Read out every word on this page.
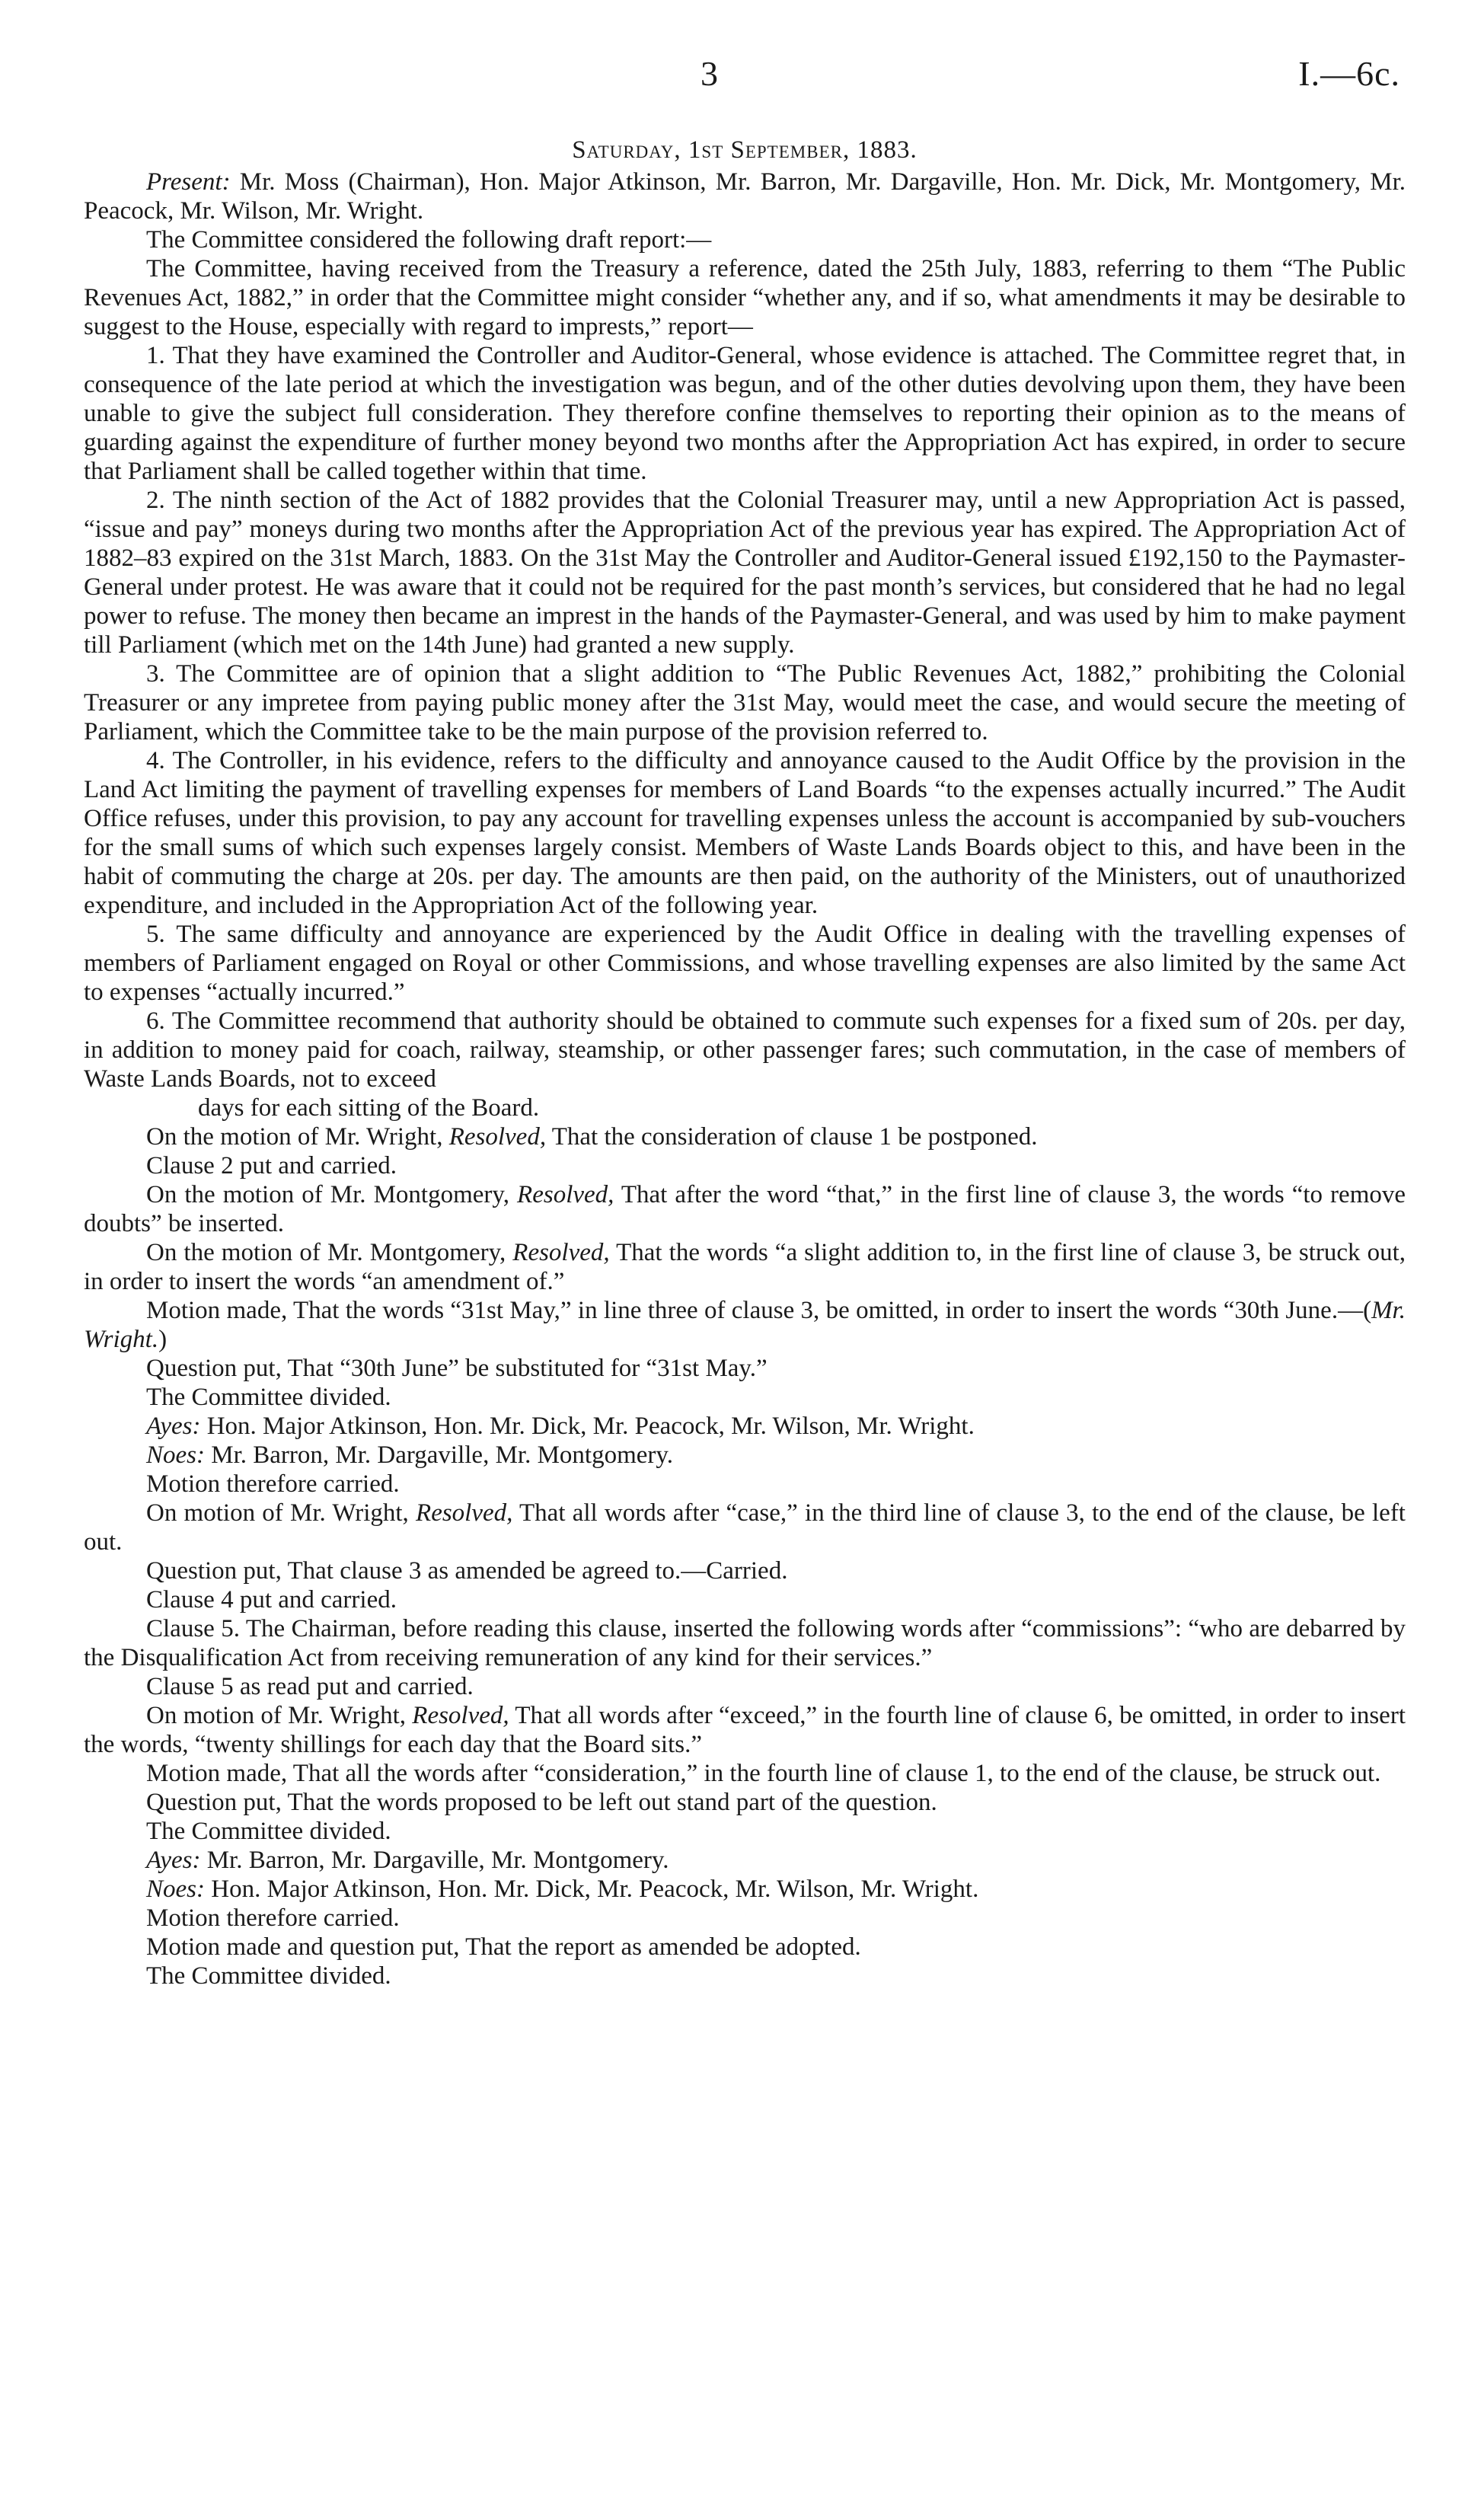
3	I.—6c.
Saturday, 1st September, 1883.

Present: Mr. Moss (Chairman), Hon. Major Atkinson, Mr. Barron, Mr. Dargaville, Hon. Mr. Dick, Mr. Montgomery, Mr. Peacock, Mr. Wilson, Mr. Wright.

The Committee considered the following draft report:—

The Committee, having received from the Treasury a reference, dated the 25th July, 1883, referring to them “The Public Revenues Act, 1882,” in order that the Committee might consider “whether any, and if so, what amendments it may be desirable to suggest to the House, especially with regard to imprests,” report—

1. That they have examined the Controller and Auditor-General, whose evidence is attached. The Committee regret that, in consequence of the late period at which the investigation was begun, and of the other duties devolving upon them, they have been unable to give the subject full consideration. They therefore confine themselves to reporting their opinion as to the means of guarding against the expenditure of further money beyond two months after the Appropriation Act has expired, in order to secure that Parliament shall be called together within that time.

2. The ninth section of the Act of 1882 provides that the Colonial Treasurer may, until a new Appropriation Act is passed, “issue and pay” moneys during two months after the Appropriation Act of the previous year has expired. The Appropriation Act of 1882–83 expired on the 31st March, 1883. On the 31st May the Controller and Auditor-General issued £192,150 to the Paymaster-General under protest. He was aware that it could not be required for the past month’s services, but considered that he had no legal power to refuse. The money then became an imprest in the hands of the Paymaster-General, and was used by him to make payment till Parliament (which met on the 14th June) had granted a new supply.

3. The Committee are of opinion that a slight addition to “The Public Revenues Act, 1882,” prohibiting the Colonial Treasurer or any impretee from paying public money after the 31st May, would meet the case, and would secure the meeting of Parliament, which the Committee take to be the main purpose of the provision referred to.

4. The Controller, in his evidence, refers to the difficulty and annoyance caused to the Audit Office by the provision in the Land Act limiting the payment of travelling expenses for members of Land Boards “to the expenses actually incurred.” The Audit Office refuses, under this provision, to pay any account for travelling expenses unless the account is accompanied by sub-vouchers for the small sums of which such expenses largely consist. Members of Waste Lands Boards object to this, and have been in the habit of commuting the charge at 20s. per day. The amounts are then paid, on the authority of the Ministers, out of unauthorized expenditure, and included in the Appropriation Act of the following year.

5. The same difficulty and annoyance are experienced by the Audit Office in dealing with the travelling expenses of members of Parliament engaged on Royal or other Commissions, and whose travelling expenses are also limited by the same Act to expenses “actually incurred.”

6. The Committee recommend that authority should be obtained to commute such expenses for a fixed sum of 20s. per day, in addition to money paid for coach, railway, steamship, or other passenger fares; such commutation, in the case of members of Waste Lands Boards, not to exceed
days for each sitting of the Board.

On the motion of Mr. Wright, Resolved, That the consideration of clause 1 be postponed.

Clause 2 put and carried.

On the motion of Mr. Montgomery, Resolved, That after the word “that,” in the first line of clause 3, the words “to remove doubts” be inserted.

On the motion of Mr. Montgomery, Resolved, That the words “a slight addition to, in the first line of clause 3, be struck out, in order to insert the words “an amendment of.”

Motion made, That the words “31st May,” in line three of clause 3, be omitted, in order to insert the words “30th June.—(Mr. Wright.)

Question put, That “30th June” be substituted for “31st May.”

The Committee divided.

Ayes: Hon. Major Atkinson, Hon. Mr. Dick, Mr. Peacock, Mr. Wilson, Mr. Wright.

Noes: Mr. Barron, Mr. Dargaville, Mr. Montgomery.

Motion therefore carried.

On motion of Mr. Wright, Resolved, That all words after “case,” in the third line of clause 3, to the end of the clause, be left out.

Question put, That clause 3 as amended be agreed to.—Carried.

Clause 4 put and carried.

Clause 5. The Chairman, before reading this clause, inserted the following words after “commissions”: “who are debarred by the Disqualification Act from receiving remuneration of any kind for their services.”

Clause 5 as read put and carried.

On motion of Mr. Wright, Resolved, That all words after “exceed,” in the fourth line of clause 6, be omitted, in order to insert the words, “twenty shillings for each day that the Board sits.”

Motion made, That all the words after “consideration,” in the fourth line of clause 1, to the end of the clause, be struck out.

Question put, That the words proposed to be left out stand part of the question.

The Committee divided.

Ayes: Mr. Barron, Mr. Dargaville, Mr. Montgomery.

Noes: Hon. Major Atkinson, Hon. Mr. Dick, Mr. Peacock, Mr. Wilson, Mr. Wright.

Motion therefore carried.

Motion made and question put, That the report as amended be adopted.

The Committee divided.
